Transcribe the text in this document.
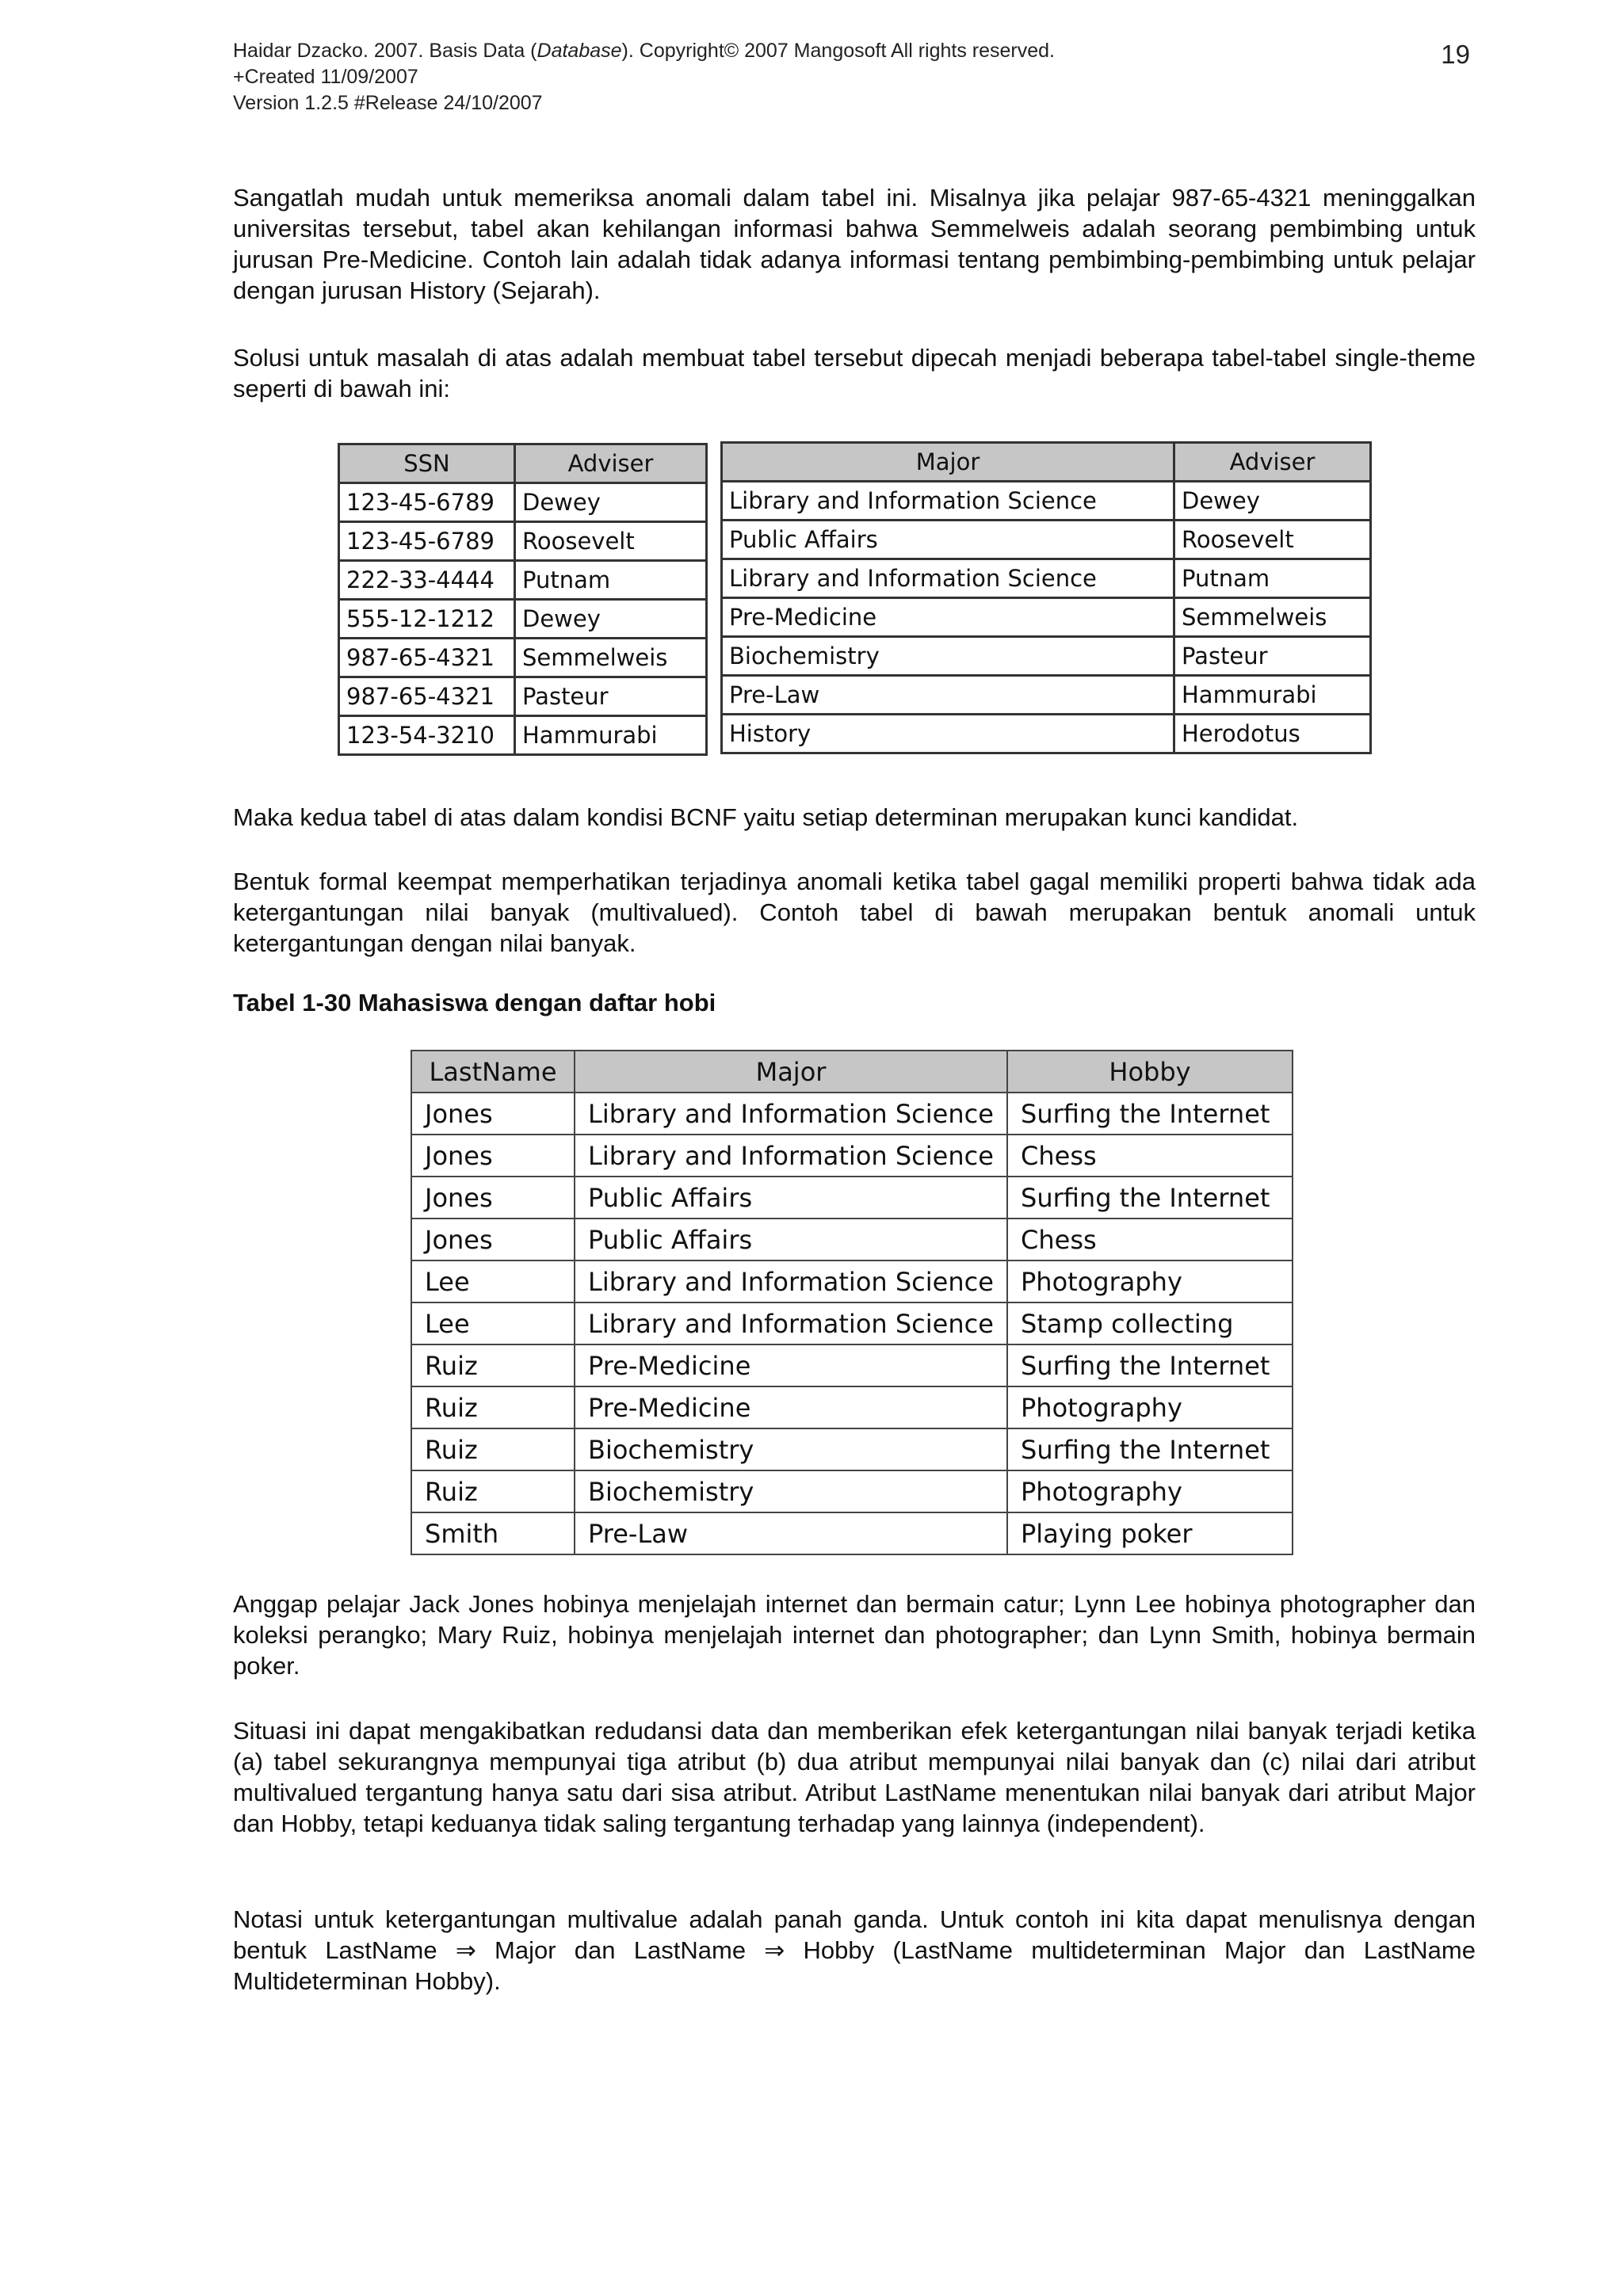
Haidar Dzacko. 2007. Basis Data (Database). Copyright© 2007 Mangosoft All rights reserved.
+Created 11/09/2007
Version 1.2.5 #Release 24/10/2007
19

Sangatlah mudah untuk memeriksa anomali dalam tabel ini. Misalnya jika pelajar 987-65-4321 meninggalkan universitas tersebut, tabel akan kehilangan informasi bahwa Semmelweis adalah seorang pembimbing untuk jurusan Pre-Medicine. Contoh lain adalah tidak adanya informasi tentang pembimbing-pembimbing untuk pelajar dengan jurusan History (Sejarah).

Solusi untuk masalah di atas adalah membuat tabel tersebut dipecah menjadi beberapa tabel-tabel single-theme seperti di bawah ini:

SSN	Adviser
123-45-6789	Dewey
123-45-6789	Roosevelt
222-33-4444	Putnam
555-12-1212	Dewey
987-65-4321	Semmelweis
987-65-4321	Pasteur
123-54-3210	Hammurabi
Major	Adviser
Library and Information Science	Dewey
Public Affairs	Roosevelt
Library and Information Science	Putnam
Pre-Medicine	Semmelweis
Biochemistry	Pasteur
Pre-Law	Hammurabi
History	Herodotus

Maka kedua tabel di atas dalam kondisi BCNF yaitu setiap determinan merupakan kunci kandidat.

Bentuk formal keempat memperhatikan terjadinya anomali ketika tabel gagal memiliki properti bahwa tidak ada ketergantungan nilai banyak (multivalued). Contoh tabel di bawah merupakan bentuk anomali untuk ketergantungan dengan nilai banyak.

Tabel 1-30 Mahasiswa dengan daftar hobi
LastName	Major	Hobby
Jones	Library and Information Science	Surfing the Internet
Jones	Library and Information Science	Chess
Jones	Public Affairs	Surfing the Internet
Jones	Public Affairs	Chess
Lee	Library and Information Science	Photography
Lee	Library and Information Science	Stamp collecting
Ruiz	Pre-Medicine	Surfing the Internet
Ruiz	Pre-Medicine	Photography
Ruiz	Biochemistry	Surfing the Internet
Ruiz	Biochemistry	Photography
Smith	Pre-Law	Playing poker

Anggap pelajar Jack Jones hobinya menjelajah internet dan bermain catur; Lynn Lee hobinya photographer dan koleksi perangko; Mary Ruiz, hobinya menjelajah internet dan photographer; dan Lynn Smith, hobinya bermain poker.

Situasi ini dapat mengakibatkan redudansi data dan memberikan efek ketergantungan nilai banyak terjadi ketika (a) tabel sekurangnya mempunyai tiga atribut (b) dua atribut mempunyai nilai banyak dan (c) nilai dari atribut multivalued tergantung hanya satu dari sisa atribut. Atribut LastName menentukan nilai banyak dari atribut Major dan Hobby, tetapi keduanya tidak saling tergantung terhadap yang lainnya (independent).

Notasi untuk ketergantungan multivalue adalah panah ganda. Untuk contoh ini kita dapat menulisnya dengan bentuk LastName ⇒ Major dan LastName ⇒ Hobby (LastName multideterminan Major dan LastName Multideterminan Hobby).
